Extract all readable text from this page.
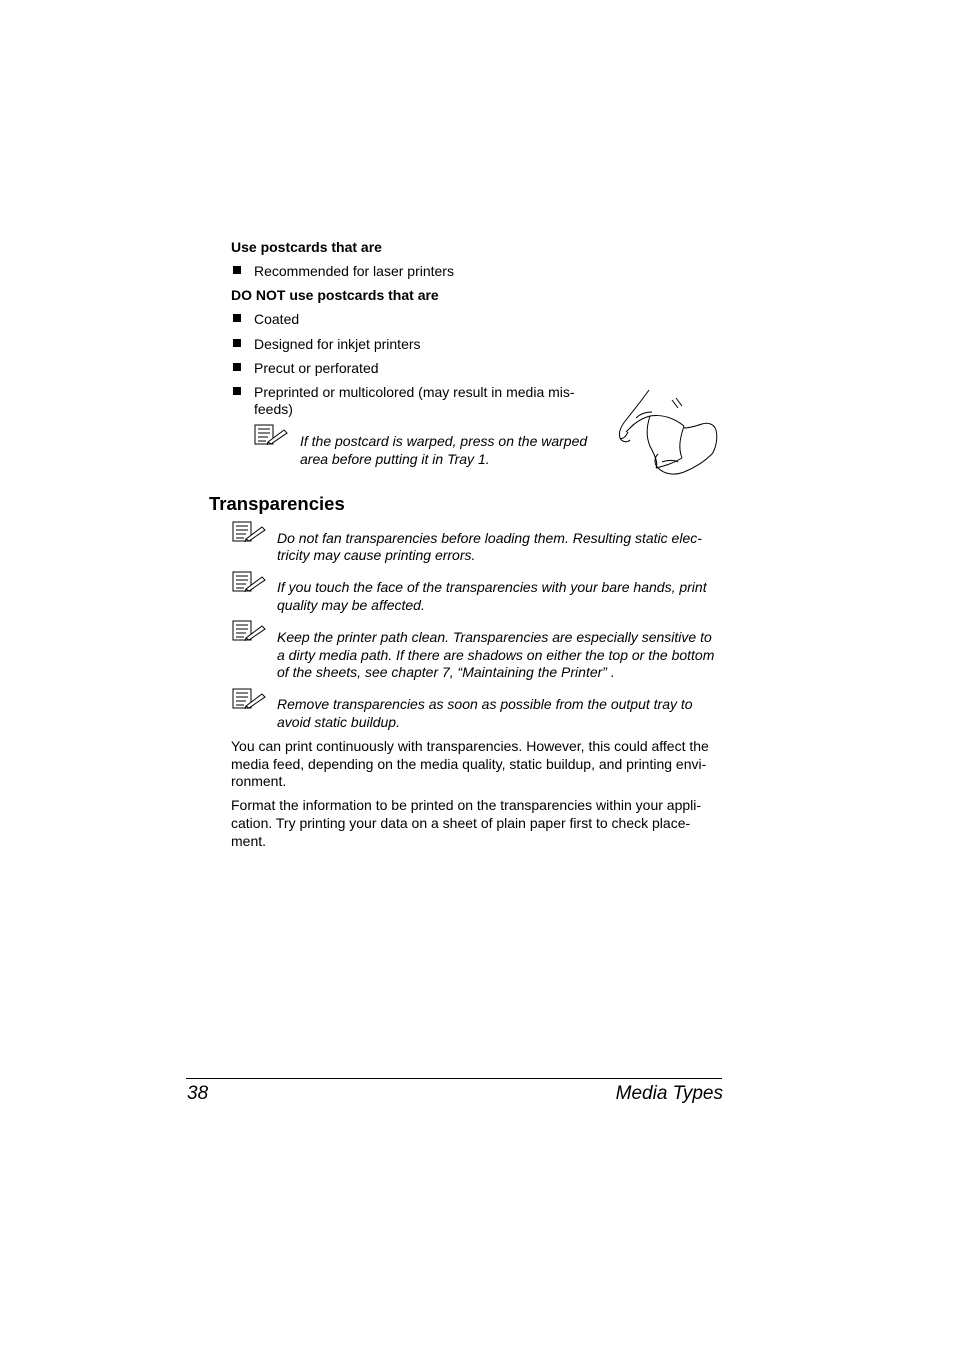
Use postcards that are
Recommended for laser printers
DO NOT use postcards that are
Coated
Designed for inkjet printers
Precut or perforated
Preprinted or multicolored (may result in media mis-
feeds)
If the postcard is warped, press on the warped
area before putting it in Tray 1.
Transparencies
Do not fan transparencies before loading them. Resulting static elec-
tricity may cause printing errors.
If you touch the face of the transparencies with your bare hands, print
quality may be affected.
Keep the printer path clean. Transparencies are especially sensitive to
a dirty media path. If there are shadows on either the top or the bottom
of the sheets, see chapter 7, “Maintaining the Printer” .
Remove transparencies as soon as possible from the output tray to
avoid static buildup.
You can print continuously with transparencies. However, this could affect the
media feed, depending on the media quality, static buildup, and printing envi-
ronment.
Format the information to be printed on the transparencies within your appli-
cation. Try printing your data on a sheet of plain paper first to check place-
ment.
38	Media Types
